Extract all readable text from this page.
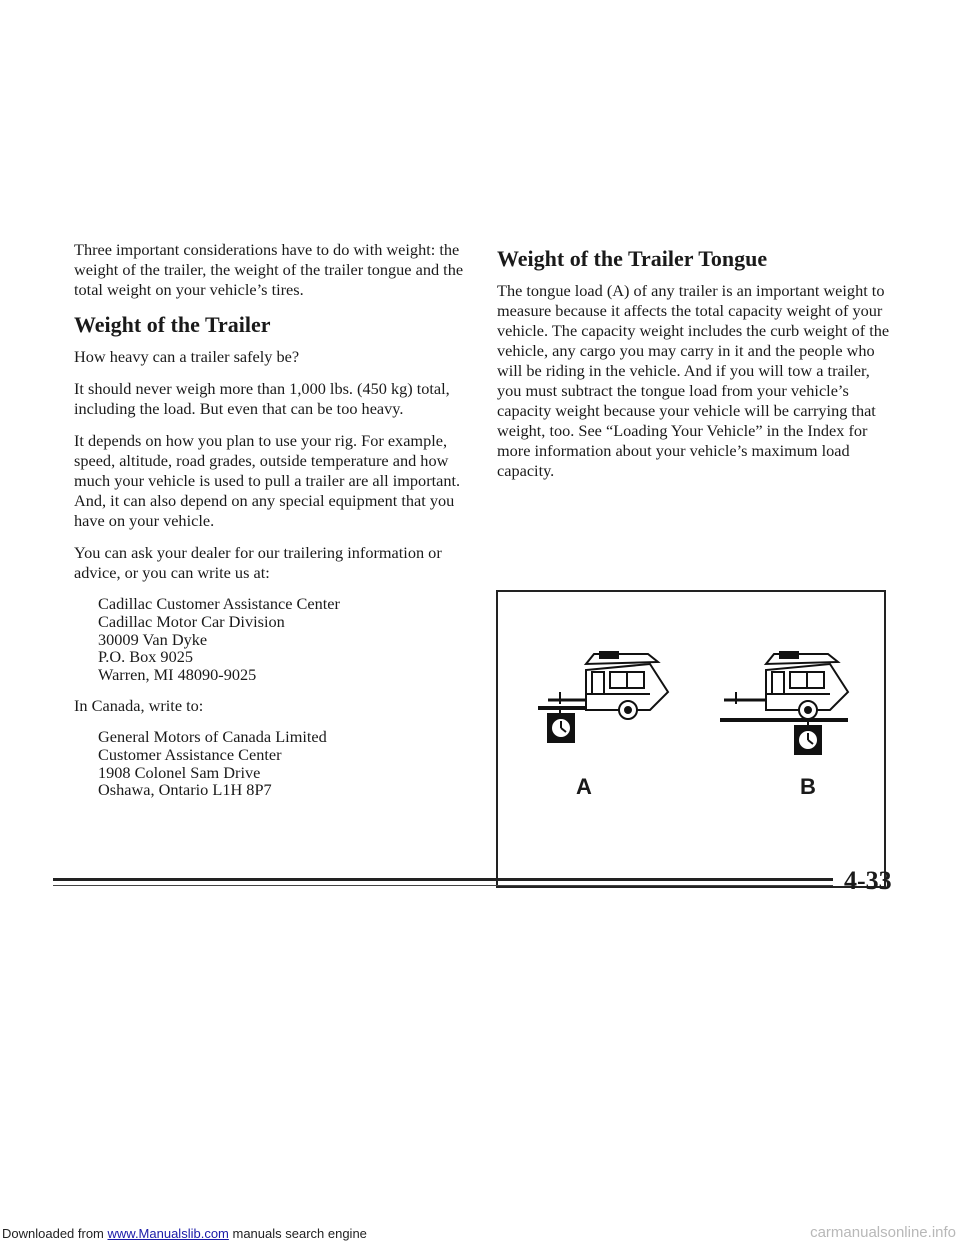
Three important considerations have to do with weight: the weight of the trailer, the weight of the trailer tongue and the total weight on your vehicle’s tires.

Weight of the Trailer

How heavy can a trailer safely be?

It should never weigh more than 1,000 lbs. (450 kg) total, including the load. But even that can be too heavy.

It depends on how you plan to use your rig. For example, speed, altitude, road grades, outside temperature and how much your vehicle is used to pull a trailer are all important. And, it can also depend on any special equipment that you have on your vehicle.

You can ask your dealer for our trailering information or advice, or you can write us at:

Cadillac Customer Assistance Center
Cadillac Motor Car Division
30009 Van Dyke
P.O. Box 9025
Warren, MI 48090-9025

In Canada, write to:

General Motors of Canada Limited
Customer Assistance Center
1908 Colonel Sam Drive
Oshawa, Ontario L1H 8P7
Weight of the Trailer Tongue

The tongue load (A) of any trailer is an important weight to measure because it affects the total capacity weight of your vehicle. The capacity weight includes the curb weight of the vehicle, any cargo you may carry in it and the people who will be riding in the vehicle. And if you will tow a trailer, you must subtract the tongue load from your vehicle’s capacity weight because your vehicle will be carrying that weight, too. See “Loading Your Vehicle” in the Index for more information about your vehicle’s maximum load capacity.

A	B
4-33
Downloaded from www.Manualslib.com manuals search engine	carmanualsonline.info
